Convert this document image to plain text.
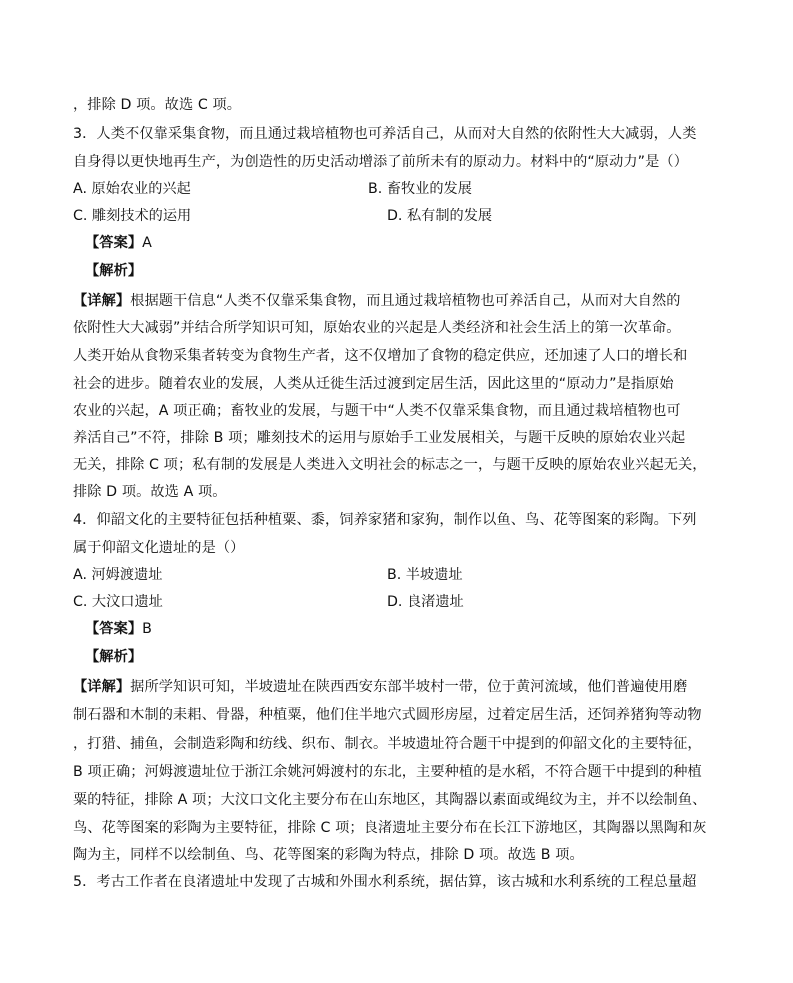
，排除 D 项。故选 C 项。
3．人类不仅靠采集食物，而且通过栽培植物也可养活自己，从而对大自然的依附性大大减弱，人类
自身得以更快地再生产，为创造性的历史活动增添了前所未有的原动力。材料中的“原动力”是（）
A. 原始农业的兴起	B. 畜牧业的发展
C. 雕刻技术的运用	D. 私有制的发展
【答案】A
【解析】
【详解】根据题干信息“人类不仅靠采集食物，而且通过栽培植物也可养活自己，从而对大自然的
依附性大大减弱”并结合所学知识可知，原始农业的兴起是人类经济和社会生活上的第一次革命。
人类开始从食物采集者转变为食物生产者，这不仅增加了食物的稳定供应，还加速了人口的增长和
社会的进步。随着农业的发展，人类从迁徙生活过渡到定居生活，因此这里的“原动力”是指原始
农业的兴起，A 项正确；畜牧业的发展，与题干中“人类不仅靠采集食物，而且通过栽培植物也可
养活自己”不符，排除 B 项；雕刻技术的运用与原始手工业发展相关，与题干反映的原始农业兴起
无关，排除 C 项；私有制的发展是人类进入文明社会的标志之一，与题干反映的原始农业兴起无关，
排除 D 项。故选 A 项。
4．仰韶文化的主要特征包括种植粟、黍，饲养家猪和家狗，制作以鱼、鸟、花等图案的彩陶。下列
属于仰韶文化遗址的是（）
A. 河姆渡遗址	B. 半坡遗址
C. 大汶口遗址	D. 良渚遗址
【答案】B
【解析】
【详解】据所学知识可知，半坡遗址在陕西西安东部半坡村一带，位于黄河流域，他们普遍使用磨
制石器和木制的耒耜、骨器，种植粟，他们住半地穴式圆形房屋，过着定居生活，还饲养猪狗等动物
，打猎、捕鱼，会制造彩陶和纺线、织布、制衣。半坡遗址符合题干中提到的仰韶文化的主要特征，
B 项正确；河姆渡遗址位于浙江余姚河姆渡村的东北，主要种植的是水稻，不符合题干中提到的种植
粟的特征，排除 A 项；大汶口文化主要分布在山东地区，其陶器以素面或绳纹为主，并不以绘制鱼、
鸟、花等图案的彩陶为主要特征，排除 C 项；良渚遗址主要分布在长江下游地区，其陶器以黑陶和灰
陶为主，同样不以绘制鱼、鸟、花等图案的彩陶为特点，排除 D 项。故选 B 项。
5．考古工作者在良渚遗址中发现了古城和外围水利系统，据估算，该古城和水利系统的工程总量超
